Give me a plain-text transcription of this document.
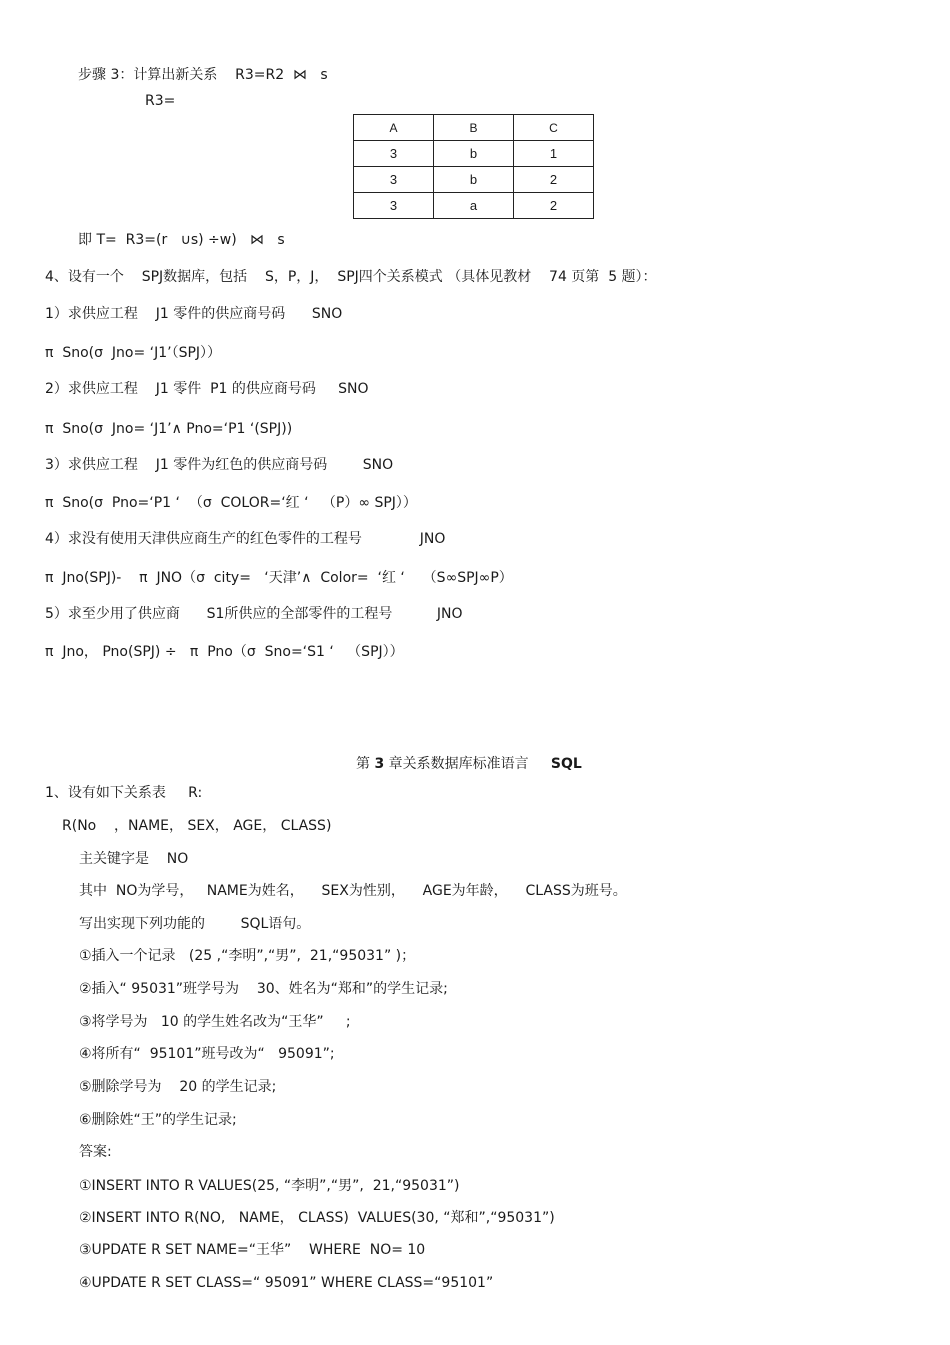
步骤 3：计算出新关系    R3=R2  ⋈   s
R3=
A	B	C
3	b	1
3	b	2
3	a	2
即 T=  R3=(r   ∪s) ÷w)   ⋈   s
4、设有一个    SPJ数据库，包括    S，P，J，  SPJ四个关系模式 （具体见教材    74 页第  5 题）：
1）求供应工程    J1 零件的供应商号码      SNO
π  Sno(σ  Jno= ‘J1’（SPJ））
2）求供应工程    J1 零件  P1 的供应商号码     SNO
π  Sno(σ  Jno= ‘J1’∧ Pno=‘P1 ‘(SPJ))
3）求供应工程    J1 零件为红色的供应商号码        SNO
π  Sno(σ  Pno=‘P1 ‘  （σ  COLOR=‘红 ‘   （P）∞ SPJ））
4）求没有使用天津供应商生产的红色零件的工程号             JNO
π  Jno(SPJ)-    π  JNO（σ  city=   ‘天津’∧  Color=  ‘红 ‘    （S∞SPJ∞P）
5）求至少用了供应商      S1所供应的全部零件的工程号          JNO
π  Jno， Pno(SPJ) ÷   π  Pno（σ  Sno=‘S1 ‘   （SPJ））
第 3 章关系数据库标准语言     SQL
1、设有如下关系表     R:
R(No    ，NAME， SEX， AGE， CLASS)
主关键字是    NO
其中  NO为学号，   NAME为姓名，    SEX为性别，    AGE为年龄，    CLASS为班号。
写出实现下列功能的        SQL语句。
①插入一个记录   (25 ,“李明”,“男”,  21,“95031” )；
②插入“ 95031”班学号为    30、姓名为“郑和”的学生记录;
③将学号为   10 的学生姓名改为“王华”     ;
④将所有“  95101”班号改为“   95091”;
⑤删除学号为    20 的学生记录;
⑥删除姓“王”的学生记录;
答案:
①INSERT INTO R VALUES(25, “李明”,“男”,  21,“95031”)
②INSERT INTO R(NO,   NAME， CLASS)  VALUES(30, “郑和”,“95031”)
③UPDATE R SET NAME=“王华”    WHERE  NO= 10
④UPDATE R SET CLASS=“ 95091” WHERE CLASS=“95101”
